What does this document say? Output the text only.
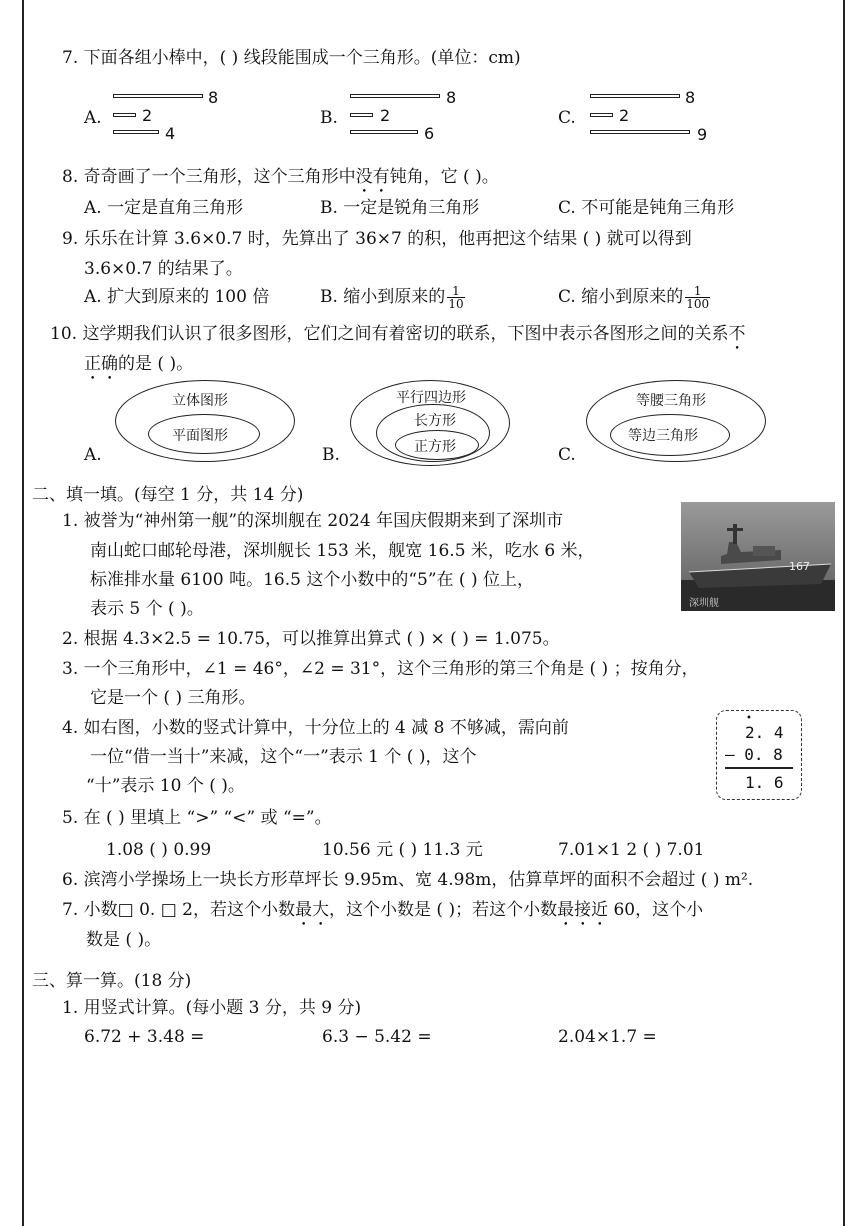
7. 下面各组小棒中，( ) 线段能围成一个三角形。(单位：cm)
A.
8
2
4
B.
8
2
6
C.
8
2
9
8. 奇奇画了一个三角形，这个三角形中没有钝角，它 ( )。
A. 一定是直角三角形	B. 一定是锐角三角形	C. 不可能是钝角三角形
9. 乐乐在计算 3.6×0.7 时，先算出了 36×7 的积，他再把这个结果 ( ) 就可以得到
3.6×0.7 的结果了。
A. 扩大到原来的 100 倍	B. 缩小到原来的 $\frac{1}{10}$	C. 缩小到原来的 $\frac{1}{100}$
10. 这学期我们认识了很多图形，它们之间有着密切的联系，下图中表示各图形之间的关系不
正确的是 ( )。
A.
立体图形
平面图形
B.
平行四边形
长方形
正方形	C.
等腰三角形
等边三角形
二、填一填。(每空 1 分，共 14 分)
1. 被誉为“神州第一舰”的深圳舰在 2024 年国庆假期来到了深圳市
南山蛇口邮轮母港，深圳舰长 153 米，舰宽 16.5 米，吃水 6 米，
标准排水量 6100 吨。16.5 这个小数中的“5”在 ( ) 位上，
表示 5 个 ( )。
167
深圳舰
2. 根据 4.3×2.5 = 10.75，可以推算出算式 ( ) × ( ) = 1.075。
3. 一个三角形中，∠1 = 46°，∠2 = 31°，这个三角形的第三个角是 ( ) ；按角分，
它是一个 ( ) 三角形。
4. 如右图，小数的竖式计算中，十分位上的 4 减 8 不够减，需向前
一位“借一当十”来减，这个“一”表示 1 个 ( )，这个
“十”表示 10 个 ( )。
•
2. 4
— 0. 8
1. 6
5. 在 ( ) 里填上 “>” “<” 或 “=”。
1.08 ( ) 0.99	10.56 元 ( ) 11.3 元	7.01×1 2 ( ) 7.01
6. 滨湾小学操场上一块长方形草坪长 9.95m、宽 4.98m，估算草坪的面积不会超过 ( ) m².
7. 小数□ 0. □ 2，若这个小数最大，这个小数是 ( )；若这个小数最接近 60，这个小
数是 ( )。
三、算一算。(18 分)
1. 用竖式计算。(每小题 3 分，共 9 分)
6.72 + 3.48 =	6.3 − 5.42 =	2.04×1.7 =
